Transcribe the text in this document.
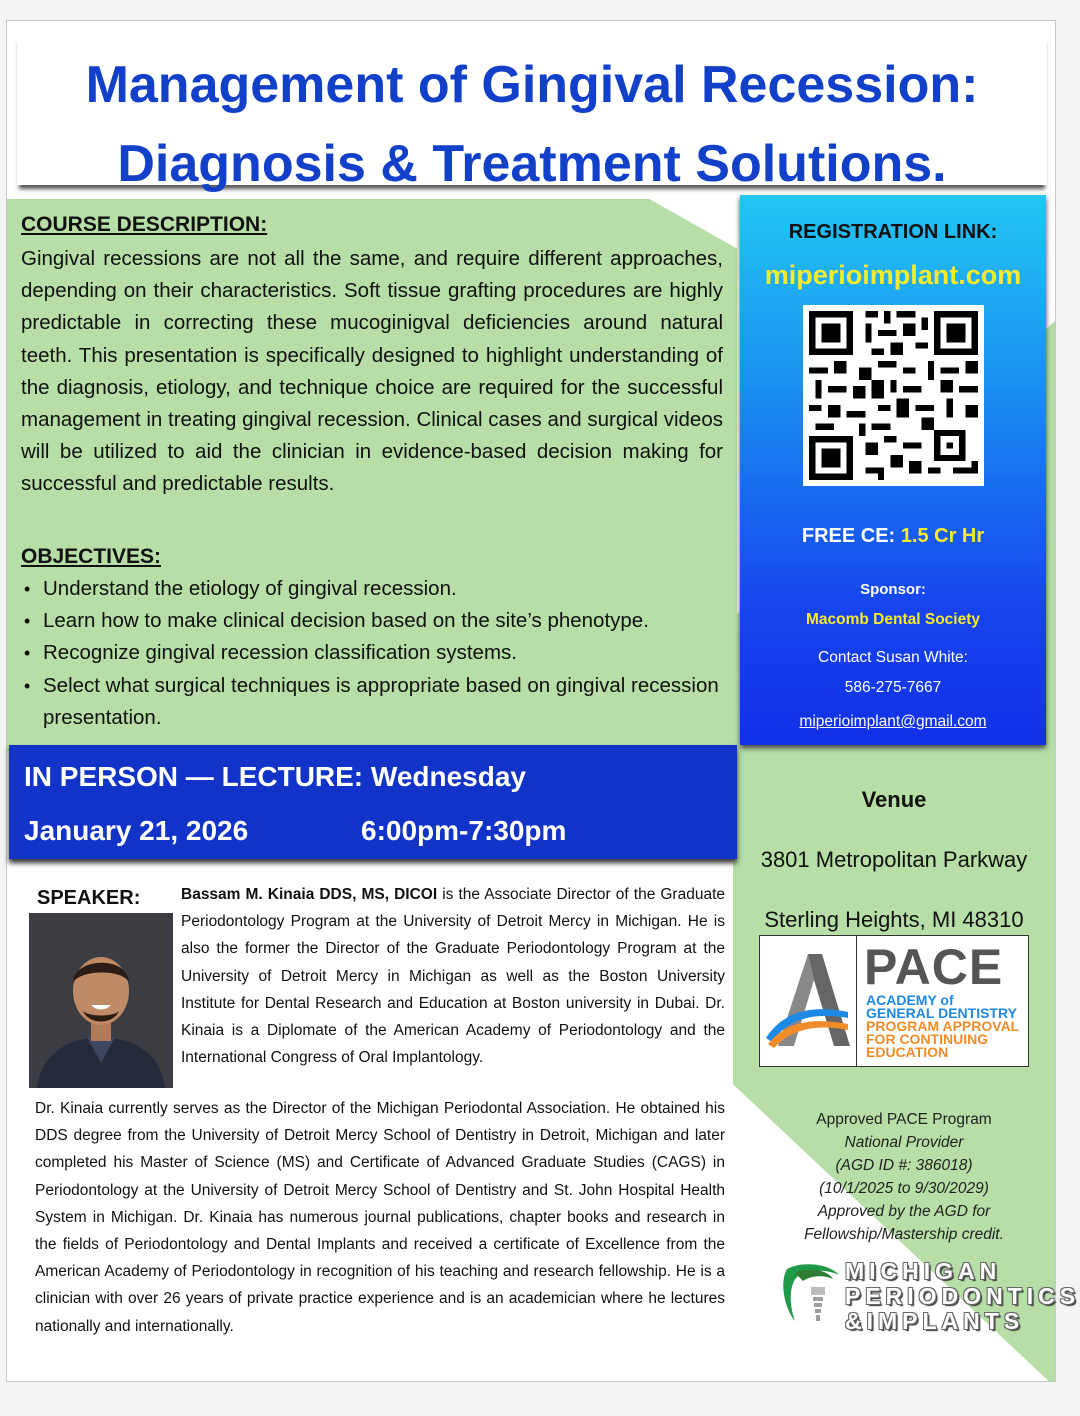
Management of Gingival Recession:
Diagnosis & Treatment Solutions.
COURSE DESCRIPTION:

Gingival recessions are not all the same, and require different approaches, depending on their characteristics. Soft tissue grafting procedures are highly predictable in correcting these mucoginigval deficiencies around natural teeth. This presentation is specifically designed to highlight understanding of the diagnosis, etiology, and technique choice are required for the successful management in treating gingival recession. Clinical cases and surgical videos will be utilized to aid the clinician in evidence-based decision making for successful and predictable results.

OBJECTIVES:
• Understand the etiology of gingival recession.
• Learn how to make clinical decision based on the site’s phenotype.
• Recognize gingival recession classification systems.
• Select what surgical techniques is appropriate based on gingival recession presentation.
REGISTRATION LINK:
miperioimplant.com
FREE CE: 1.5 Cr Hr
Sponsor:
Macomb Dental Society
Contact Susan White:
586-275-7667
miperioimplant@gmail.com
IN PERSON — LECTURE: Wednesday
January 21, 2026	6:00pm-7:30pm
Venue
3801 Metropolitan Parkway
Sterling Heights, MI 48310
PACE
ACADEMY of
GENERAL DENTISTRY
PROGRAM APPROVAL
FOR CONTINUING
EDUCATION
Approved PACE Program
National Provider
(AGD ID #: 386018)
(10/1/2025 to 9/30/2029)
Approved by the AGD for
Fellowship/Mastership credit.
MICHIGAN
PERIODONTICS
&IMPLANTS
SPEAKER:	Bassam M. Kinaia DDS, MS, DICOI is the Associate Director of the Graduate Periodontology Program at the University of Detroit Mercy in Michigan. He is also the former the Director of the Graduate Periodontology Program at the University of Detroit Mercy in Michigan as well as the Boston University Institute for Dental Research and Education at Boston university in Dubai. Dr. Kinaia is a Diplomate of the American Academy of Periodontology and the International Congress of Oral Implantology.
Dr. Kinaia currently serves as the Director of the Michigan Periodontal Association. He obtained his DDS degree from the University of Detroit Mercy School of Dentistry in Detroit, Michigan and later completed his Master of Science (MS) and Certificate of Advanced Graduate Studies (CAGS) in Periodontology at the University of Detroit Mercy School of Dentistry and St. John Hospital Health System in Michigan. Dr. Kinaia has numerous journal publications, chapter books and research in the fields of Periodontology and Dental Implants and received a certificate of Excellence from the American Academy of Periodontology in recognition of his teaching and research fellowship. He is a clinician with over 26 years of private practice experience and is an academician where he lectures nationally and internationally.
